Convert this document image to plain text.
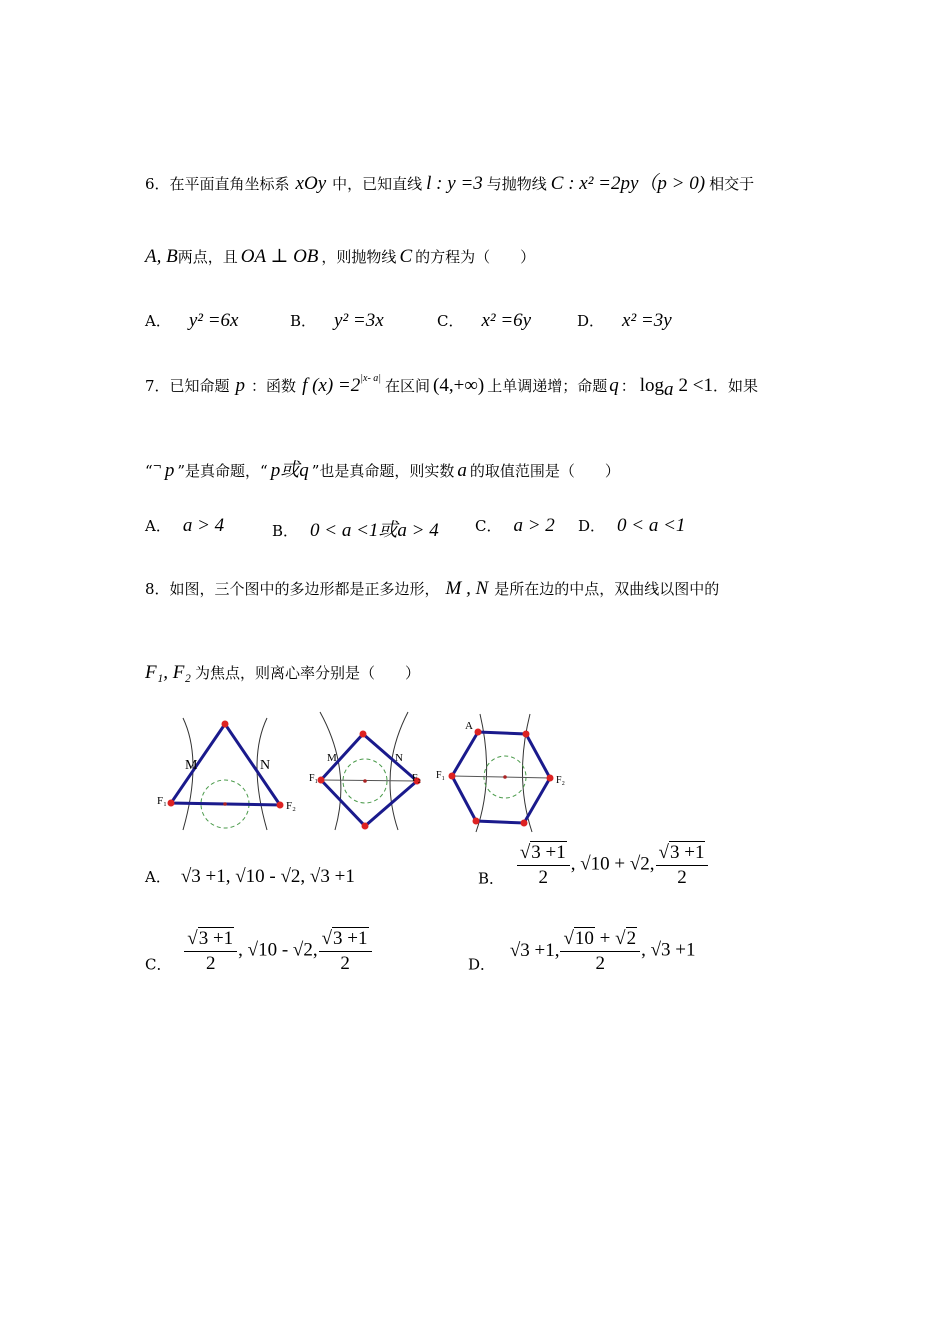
6．在平面直角坐标系 xOy 中，已知直线 l : y =3 与抛物线 C : x² =2py（p > 0) 相交于
A, B两点，且 OA ⊥ OB ，则抛物线 C 的方程为（　　）
A． y² =6x	B． y² =3x	C． x² =6y	D． x² =3y
7．已知命题 p ：函数 f $(x) =2^{|x- a|}$ 在区间 (4,+∞) 上单调递增；命题 q ： $\log_a 2 <1$．如果
“¬ p ”是真命题，“ p或q ”也是真命题，则实数 a 的取值范围是（　　）
A． a > 4	B． 0 < a <1或a > 4 C． a > 2 D． 0 < a <1
8．如图，三个图中的多边形都是正多边形， M , N 是所在边的中点，双曲线以图中的
F₁, F₂ 为焦点，则离心率分别是（　　）
M	N
F₁	F₂
M	N
F₁	F₂
A
F₁	F₂
A． √3 +1, √10 - √2, √3 +1	B． $\frac{√3 +1}{2}$ , √10 + √2, $\frac{√3 +1}{2}$
C． $\frac{√3 +1}{2}$ , √10 - √2, $\frac{√3 +1}{2}$	D． √3 +1, $\frac{√10 + √2}{2}$ , √3 +1
